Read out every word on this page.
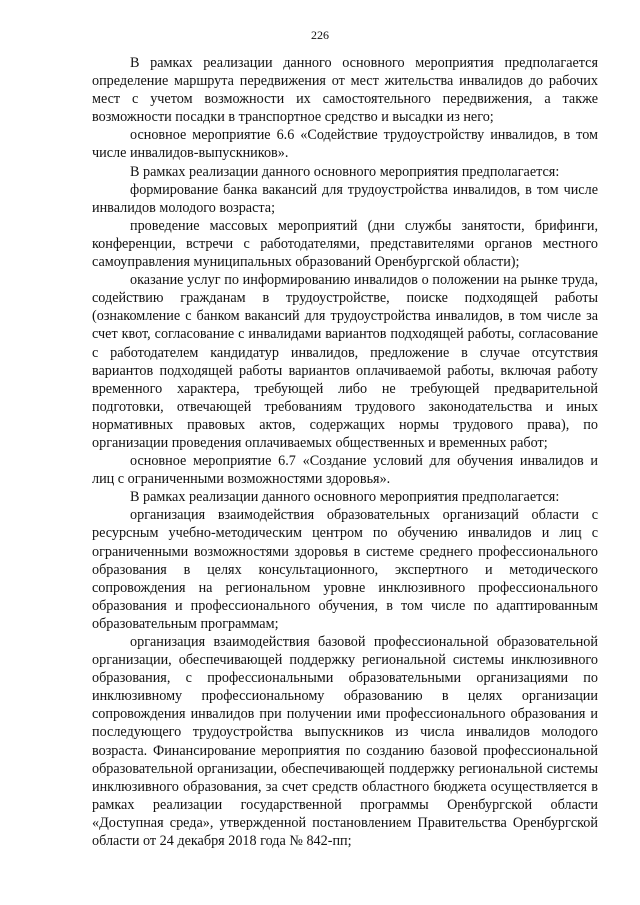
226

В рамках реализации данного основного мероприятия предполагается определение маршрута передвижения от мест жительства инвалидов до рабочих мест с учетом возможности их самостоятельного передвижения, а также возможности посадки в транспортное средство и высадки из него;

основное мероприятие 6.6 «Содействие трудоустройству инвалидов, в том числе инвалидов-выпускников».

В рамках реализации данного основного мероприятия предполагается:

формирование банка вакансий для трудоустройства инвалидов, в том числе инвалидов молодого возраста;

проведение массовых мероприятий (дни службы занятости, брифинги, конференции, встречи с работодателями, представителями органов местного самоуправления муниципальных образований Оренбургской области);

оказание услуг по информированию инвалидов о положении на рынке труда, содействию гражданам в трудоустройстве, поиске подходящей работы (ознакомление с банком вакансий для трудоустройства инвалидов, в том числе за счет квот, согласование с инвалидами вариантов подходящей работы, согласование с работодателем кандидатур инвалидов, предложение в случае отсутствия вариантов подходящей работы вариантов оплачиваемой работы, включая работу временного характера, требующей либо не требующей предварительной подготовки, отвечающей требованиям трудового законодательства и иных нормативных правовых актов, содержащих нормы трудового права), по организации проведения оплачиваемых общественных и временных работ;

основное мероприятие 6.7 «Создание условий для обучения инвалидов и лиц с ограниченными возможностями здоровья».

В рамках реализации данного основного мероприятия предполагается:

организация взаимодействия образовательных организаций области с ресурсным учебно-методическим центром по обучению инвалидов и лиц с ограниченными возможностями здоровья в системе среднего профессионального образования в целях консультационного, экспертного и методического сопровождения на региональном уровне инклюзивного профессионального образования и профессионального обучения, в том числе по адаптированным образовательным программам;

организация взаимодействия базовой профессиональной образовательной организации, обеспечивающей поддержку региональной системы инклюзивного образования, с профессиональными образовательными организациями по инклюзивному профессиональному образованию в целях организации сопровождения инвалидов при получении ими профессионального образования и последующего трудоустройства выпускников из числа инвалидов молодого возраста. Финансирование мероприятия по созданию базовой профессиональной образовательной организации, обеспечивающей поддержку региональной системы инклюзивного образования, за счет средств областного бюджета осуществляется в рамках реализации государственной программы Оренбургской области «Доступная среда», утвержденной постановлением Правительства Оренбургской области от 24 декабря 2018 года № 842-пп;
